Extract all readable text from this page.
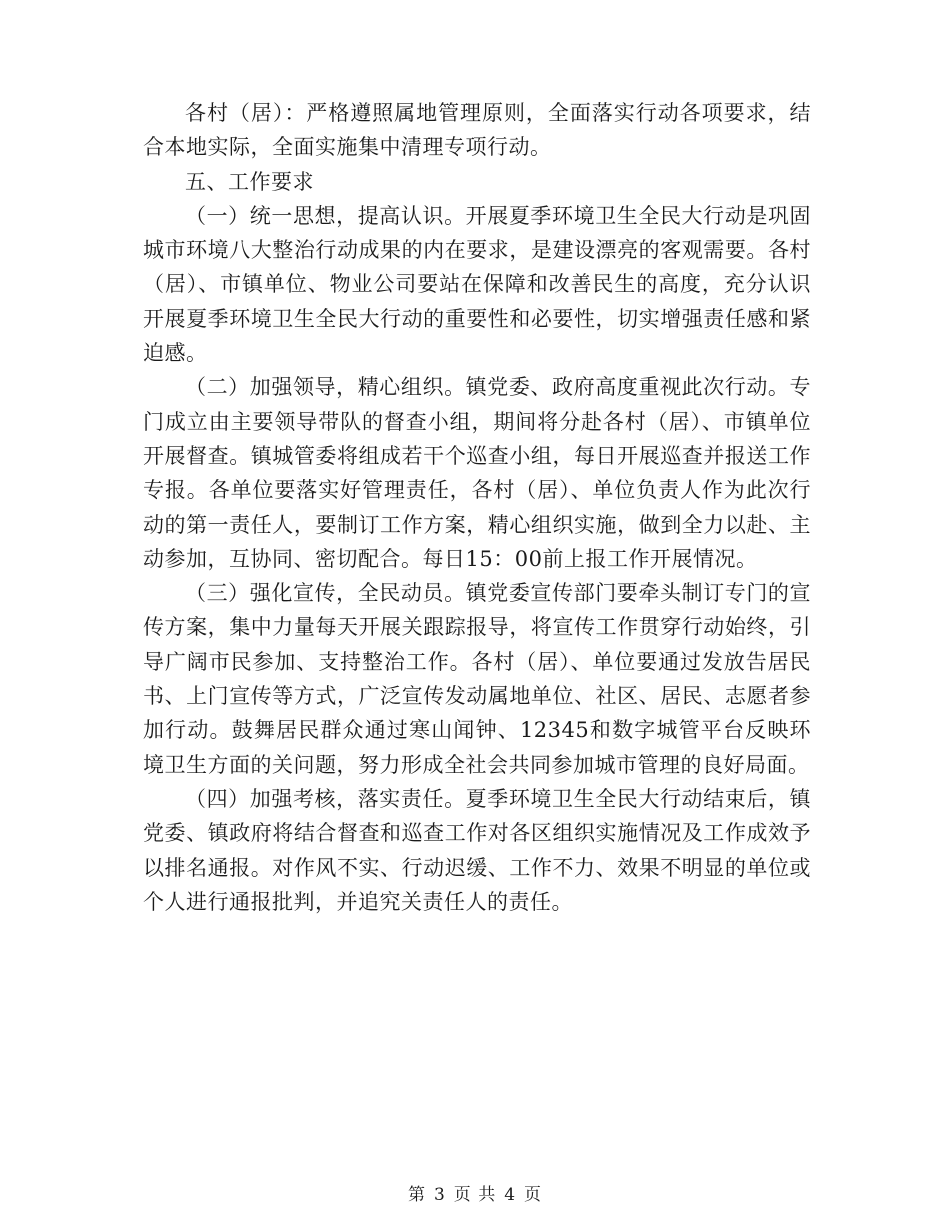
各村（居）：严格遵照属地管理原则，全面落实行动各项要求，结合本地实际，全面实施集中清理专项行动。

五、工作要求

（一）统一思想，提高认识。开展夏季环境卫生全民大行动是巩固城市环境八大整治行动成果的内在要求，是建设漂亮的客观需要。各村（居）、市镇单位、物业公司要站在保障和改善民生的高度，充分认识开展夏季环境卫生全民大行动的重要性和必要性，切实增强责任感和紧迫感。

（二）加强领导，精心组织。镇党委、政府高度重视此次行动。专门成立由主要领导带队的督查小组，期间将分赴各村（居）、市镇单位开展督查。镇城管委将组成若干个巡查小组，每日开展巡查并报送工作专报。各单位要落实好管理责任，各村（居）、单位负责人作为此次行动的第一责任人，要制订工作方案，精心组织实施，做到全力以赴、主动参加，互协同、密切配合。每日15：00前上报工作开展情况。

（三）强化宣传，全民动员。镇党委宣传部门要牵头制订专门的宣传方案，集中力量每天开展关跟踪报导，将宣传工作贯穿行动始终，引导广阔市民参加、支持整治工作。各村（居）、单位要通过发放告居民书、上门宣传等方式，广泛宣传发动属地单位、社区、居民、志愿者参加行动。鼓舞居民群众通过寒山闻钟、12345和数字城管平台反映环境卫生方面的关问题，努力形成全社会共同参加城市管理的良好局面。

（四）加强考核，落实责任。夏季环境卫生全民大行动结束后，镇党委、镇政府将结合督查和巡查工作对各区组织实施情况及工作成效予以排名通报。对作风不实、行动迟缓、工作不力、效果不明显的单位或个人进行通报批判，并追究关责任人的责任。

第 3 页 共 4 页
